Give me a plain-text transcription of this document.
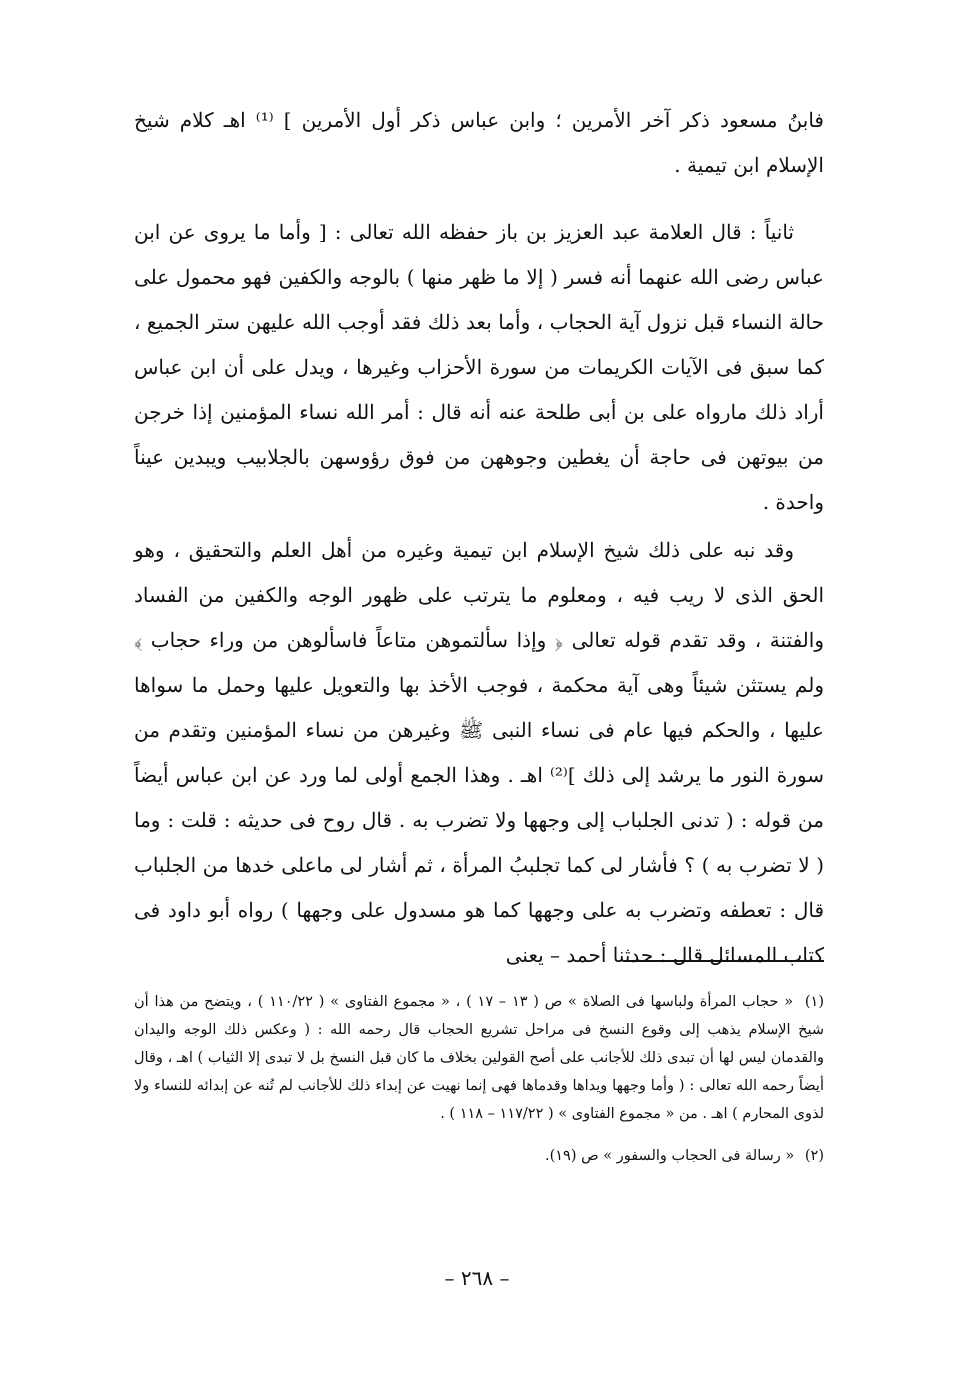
فابنُ مسعود ذكر آخر الأمرين ؛ وابن عباس ذكر أول الأمرين ] ⁽¹⁾ اهـ كلام شيخ الإسلام ابن تيمية .

ثانياً : قال العلامة عبد العزيز بن باز حفظه الله تعالى : [ وأما ما يروى عن ابن عباس رضى الله عنهما أنه فسر ( إلا ما ظهر منها ) بالوجه والكفين فهو محمول على حالة النساء قبل نزول آية الحجاب ، وأما بعد ذلك فقد أوجب الله عليهن ستر الجميع ، كما سبق فى الآيات الكريمات من سورة الأحزاب وغيرها ، ويدل على أن ابن عباس أراد ذلك مارواه على بن أبى طلحة عنه أنه قال : أمر الله نساء المؤمنين إذا خرجن من بيوتهن فى حاجة أن يغطين وجوههن من فوق رؤوسهن بالجلابيب ويبدين عيناً واحدة .

وقد نبه على ذلك شيخ الإسلام ابن تيمية وغيره من أهل العلم والتحقيق ، وهو الحق الذى لا ريب فيه ، ومعلوم ما يترتب على ظهور الوجه والكفين من الفساد والفتنة ، وقد تقدم قوله تعالى ﴿ وإذا سألتموهن متاعاً فاسألوهن من وراء حجاب ﴾ ولم يستثن شيئاً وهى آية محكمة ، فوجب الأخذ بها والتعويل عليها وحمل ما سواها عليها ، والحكم فيها عام فى نساء النبى ﷺ وغيرهن من نساء المؤمنين وتقدم من سورة النور ما يرشد إلى ذلك ]⁽²⁾ اهـ . وهذا الجمع أولى لما ورد عن ابن عباس أيضاً من قوله : ( تدنى الجلباب إلى وجهها ولا تضرب به . قال روح فى حديثه : قلت : وما ( لا تضرب به ) ؟ فأشار لى كما تجلببُ المرأة ، ثم أشار لى ماعلى خدها من الجلباب قال : تعطفه وتضرب به على وجهها كما هو مسدول على وجهها ) رواه أبو داود فى كتاب المسائل قال : حدثنا أحمد – يعنى

(١) « حجاب المرأة ولباسها فى الصلاة » ص ( ١٣ – ١٧ ) ، « مجموع الفتاوى » ( ١١٠/٢٢ ) ، ويتضح من هذا أن شيخ الإسلام يذهب إلى وقوع النسخ فى مراحل تشريع الحجاب قال رحمه الله : ( وعكس ذلك الوجه واليدان والقدمان ليس لها أن تبدى ذلك للأجانب على أصح القولين بخلاف ما كان قبل النسخ بل لا تبدى إلا الثياب ) اهـ ، وقال أيضاً رحمه الله تعالى : ( وأما وجهها ويداها وقدماها فهى إنما نهيت عن إبداء ذلك للأجانب لم تُنه عن إبدائه للنساء ولا لذوى المحارم ) اهـ . من « مجموع الفتاوى » ( ١١٧/٢٢ – ١١٨ ) .

(٢) « رسالة فى الحجاب والسفور » ص (١٩).

– ٢٦٨ –
